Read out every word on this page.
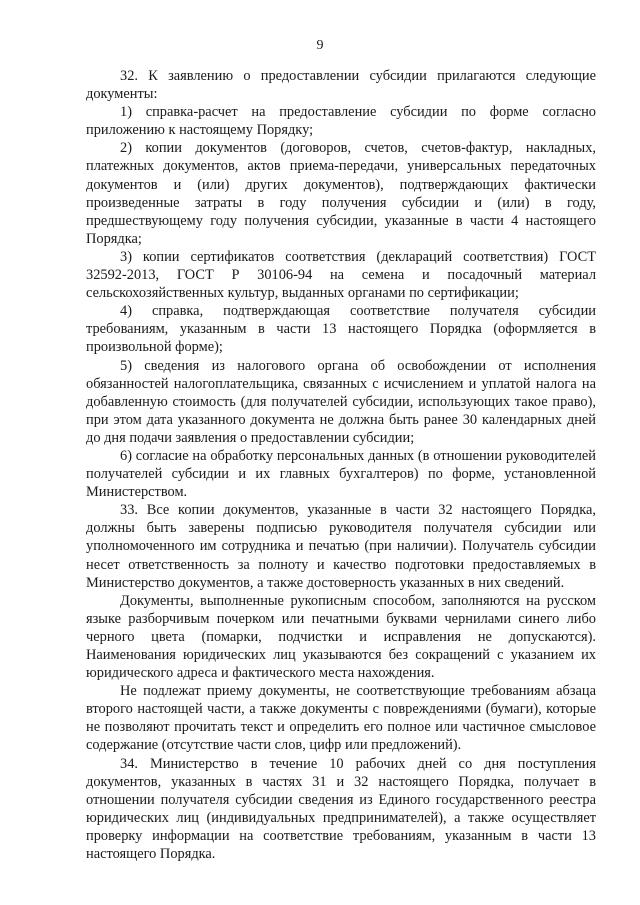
9

32. К заявлению о предоставлении субсидии прилагаются следующие документы:

1) справка-расчет на предоставление субсидии по форме согласно приложению к настоящему Порядку;

2) копии документов (договоров, счетов, счетов-фактур, накладных, платежных документов, актов приема-передачи, универсальных передаточных документов и (или) других документов), подтверждающих фактически произведенные затраты в году получения субсидии и (или) в году, предшествующему году получения субсидии, указанные в части 4 настоящего Порядка;

3) копии сертификатов соответствия (деклараций соответствия) ГОСТ 32592-2013, ГОСТ Р 30106-94 на семена и посадочный материал сельскохозяйственных культур, выданных органами по сертификации;

4) справка, подтверждающая соответствие получателя субсидии требованиям, указанным в части 13 настоящего Порядка (оформляется в произвольной форме);

5) сведения из налогового органа об освобождении от исполнения обязанностей налогоплательщика, связанных с исчислением и уплатой налога на добавленную стоимость (для получателей субсидии, использующих такое право), при этом дата указанного документа не должна быть ранее 30 календарных дней до дня подачи заявления о предоставлении субсидии;

6) согласие на обработку персональных данных (в отношении руководителей получателей субсидии и их главных бухгалтеров) по форме, установленной Министерством.

33. Все копии документов, указанные в части 32 настоящего Порядка, должны быть заверены подписью руководителя получателя субсидии или уполномоченного им сотрудника и печатью (при наличии). Получатель субсидии несет ответственность за полноту и качество подготовки предоставляемых в Министерство документов, а также достоверность указанных в них сведений.

Документы, выполненные рукописным способом, заполняются на русском языке разборчивым почерком или печатными буквами чернилами синего либо черного цвета (помарки, подчистки и исправления не допускаются). Наименования юридических лиц указываются без сокращений с указанием их юридического адреса и фактического места нахождения.

Не подлежат приему документы, не соответствующие требованиям абзаца второго настоящей части, а также документы с повреждениями (бумаги), которые не позволяют прочитать текст и определить его полное или частичное смысловое содержание (отсутствие части слов, цифр или предложений).

34. Министерство в течение 10 рабочих дней со дня поступления документов, указанных в частях 31 и 32 настоящего Порядка, получает в отношении получателя субсидии сведения из Единого государственного реестра юридических лиц (индивидуальных предпринимателей), а также осуществляет проверку информации на соответствие требованиям, указанным в части 13 настоящего Порядка.
